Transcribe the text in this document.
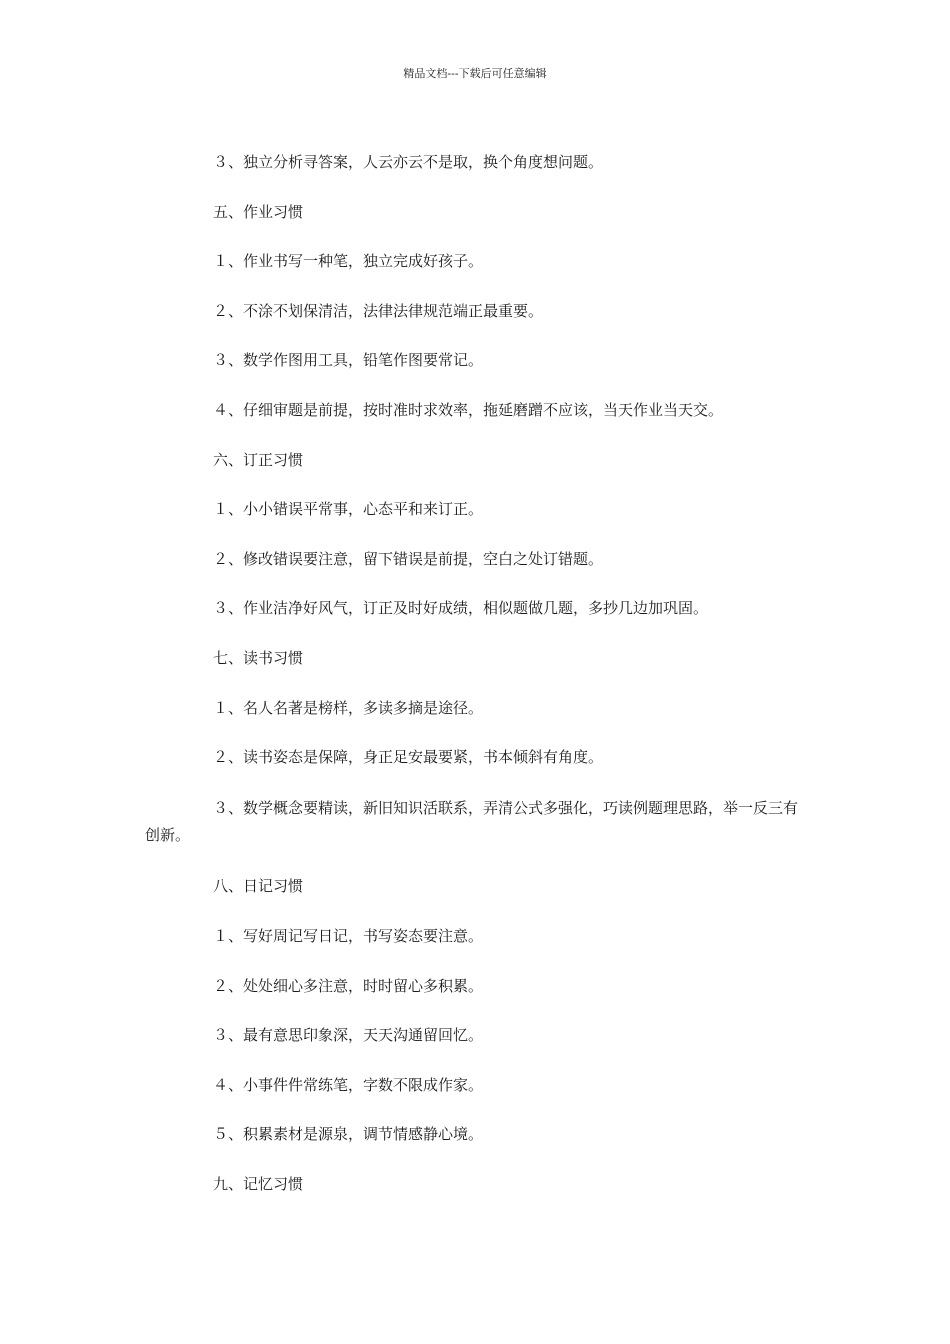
精品文档---下载后可任意编辑

３、独立分析寻答案，人云亦云不是取，换个角度想问题。

五、作业习惯

１、作业书写一种笔，独立完成好孩子。

２、不涂不划保清洁，法律法律规范端正最重要。

３、数学作图用工具，铅笔作图要常记。

４、仔细审题是前提，按时准时求效率，拖延磨蹭不应该，当天作业当天交。

六、订正习惯

１、小小错误平常事，心态平和来订正。

２、修改错误要注意，留下错误是前提，空白之处订错题。

３、作业洁净好风气，订正及时好成绩，相似题做几题，多抄几边加巩固。

七、读书习惯

１、名人名著是榜样，多读多摘是途径。

２、读书姿态是保障，身正足安最要紧，书本倾斜有角度。

３、数学概念要精读，新旧知识活联系，弄清公式多强化，巧读例题理思路，举一反三有创新。

八、日记习惯

１、写好周记写日记，书写姿态要注意。

２、处处细心多注意，时时留心多积累。

３、最有意思印象深，天天沟通留回忆。

４、小事件件常练笔，字数不限成作家。

５、积累素材是源泉，调节情感静心境。

九、记忆习惯
